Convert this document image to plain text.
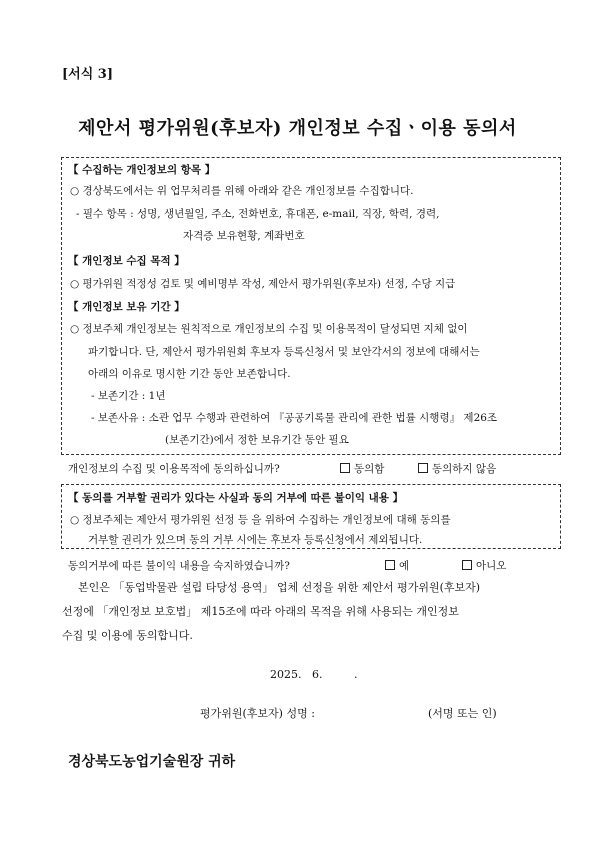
[서식 3]
제안서 평가위원(후보자) 개인정보 수집ㆍ이용 동의서
【 수집하는 개인정보의 항목 】
○ 경상북도에서는 위 업무처리를 위해 아래와 같은 개인정보를 수집합니다.
- 필수 항목 : 성명, 생년월일, 주소, 전화번호, 휴대폰, e-mail, 직장, 학력, 경력,
자격증 보유현황, 계좌번호
【 개인정보 수집 목적 】
○ 평가위원 적정성 검토 및 예비명부 작성, 제안서 평가위원(후보자) 선정, 수당 지급
【 개인정보 보유 기간 】
○ 정보주체 개인정보는 원칙적으로 개인정보의 수집 및 이용목적이 달성되면 지체 없이
파기합니다. 단, 제안서 평가위원회 후보자 등록신청서 및 보안각서의 정보에 대해서는
아래의 이유로 명시한 기간 동안 보존합니다.
- 보존기간 : 1년
- 보존사유 : 소관 업무 수행과 관련하여 『공공기록물 관리에 관한 법률 시행령』 제26조
(보존기간)에서 정한 보유기간 동안 필요
개인정보의 수집 및 이용목적에 동의하십니까?	동의함	동의하지 않음
【 동의를 거부할 권리가 있다는 사실과 동의 거부에 따른 불이익 내용 】
○ 정보주체는 제안서 평가위원 선정 등 을 위하여 수집하는 개인정보에 대해 동의를
거부할 권리가 있으며 동의 거부 시에는 후보자 등록신청에서 제외됩니다.
동의거부에 따른 불이익 내용을 숙지하였습니까?	예	아니오
본인은 「동업박물관 설립 타당성 용역」 업체 선정을 위한 제안서 평가위원(후보자)
선정에 「개인정보 보호법」 제15조에 따라 아래의 목적을 위해 사용되는 개인정보
수집 및 이용에 동의합니다.
2025.   6.         .
평가위원(후보자) 성명 :	(서명 또는 인)
경상북도농업기술원장 귀하
